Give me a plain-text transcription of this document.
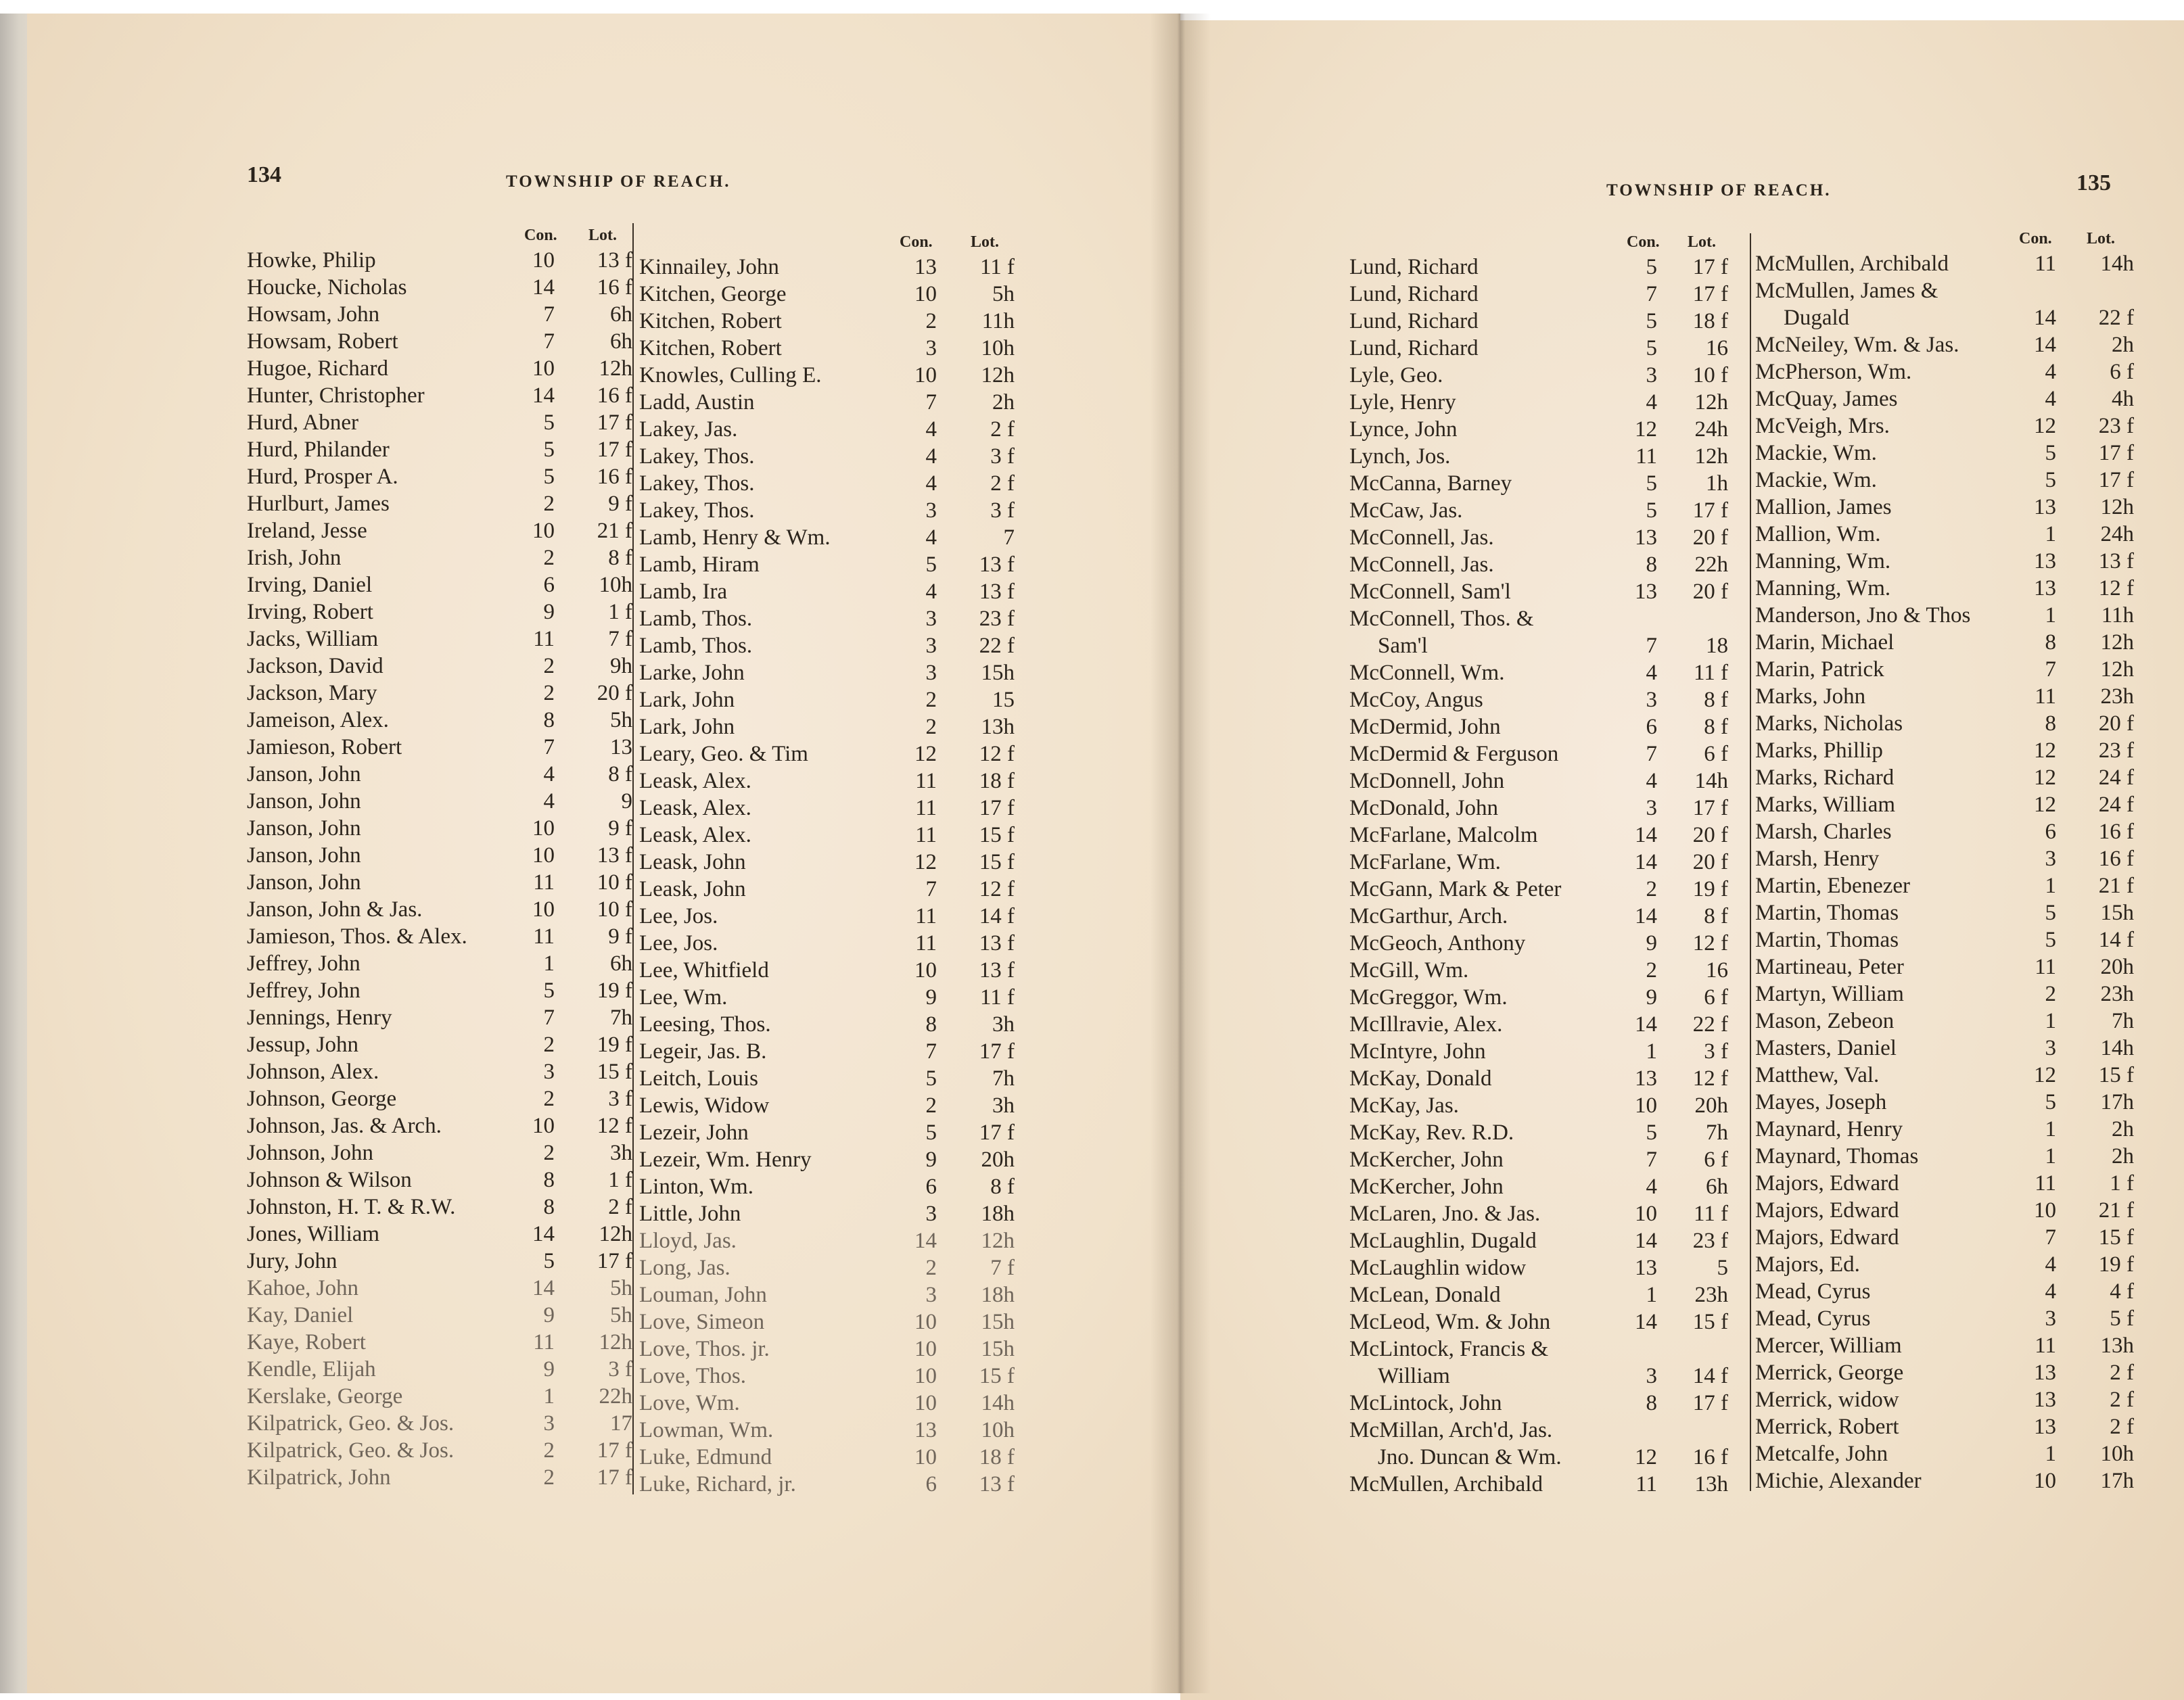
134	TOWNSHIP OF REACH.
Con. Lot.
Howke, Philip	10	13 f
Houcke, Nicholas	14	16 f
Howsam, John	7	6h
Howsam, Robert	7	6h
Hugoe, Richard	10	12h
Hunter, Christopher	14	16 f
Hurd, Abner	5	17 f
Hurd, Philander	5	17 f
Hurd, Prosper A.	5	16 f
Hurlburt, James	2	9 f
Ireland, Jesse	10	21 f
Irish, John	2	8 f
Irving, Daniel	6	10h
Irving, Robert	9	1 f
Jacks, William	11	7 f
Jackson, David	2	9h
Jackson, Mary	2	20 f
Jameison, Alex.	8	5h
Jamieson, Robert	7	13
Janson, John	4	8 f
Janson, John	4	9
Janson, John	10	9 f
Janson, John	10	13 f
Janson, John	11	10 f
Janson, John & Jas.	10	10 f
Jamieson, Thos. & Alex.	11	9 f
Jeffrey, John	1	6h
Jeffrey, John	5	19 f
Jennings, Henry	7	7h
Jessup, John	2	19 f
Johnson, Alex.	3	15 f
Johnson, George	2	3 f
Johnson, Jas. & Arch.	10	12 f
Johnson, John	2	3h
Johnson & Wilson	8	1 f
Johnston, H. T. & R.W.	8	2 f
Jones, William	14	12h
Jury, John	5	17 f
Kahoe, John	14	5h
Kay, Daniel	9	5h
Kaye, Robert	11	12h
Kendle, Elijah	9	3 f
Kerslake, George	1	22h
Kilpatrick, Geo. & Jos.	3	17
Kilpatrick, Geo. & Jos.	2	17 f
Kilpatrick, John	2	17 f
Con. Lot.
Kinnailey, John	13	11 f
Kitchen, George	10	5h
Kitchen, Robert	2	11h
Kitchen, Robert	3	10h
Knowles, Culling E.	10	12h
Ladd, Austin	7	2h
Lakey, Jas.	4	2 f
Lakey, Thos.	4	3 f
Lakey, Thos.	4	2 f
Lakey, Thos.	3	3 f
Lamb, Henry & Wm.	4	7
Lamb, Hiram	5	13 f
Lamb, Ira	4	13 f
Lamb, Thos.	3	23 f
Lamb, Thos.	3	22 f
Larke, John	3	15h
Lark, John	2	15
Lark, John	2	13h
Leary, Geo. & Tim	12	12 f
Leask, Alex.	11	18 f
Leask, Alex.	11	17 f
Leask, Alex.	11	15 f
Leask, John	12	15 f
Leask, John	7	12 f
Lee, Jos.	11	14 f
Lee, Jos.	11	13 f
Lee, Whitfield	10	13 f
Lee, Wm.	9	11 f
Leesing, Thos.	8	3h
Legeir, Jas. B.	7	17 f
Leitch, Louis	5	7h
Lewis, Widow	2	3h
Lezeir, John	5	17 f
Lezeir, Wm. Henry	9	20h
Linton, Wm.	6	8 f
Little, John	3	18h
Lloyd, Jas.	14	12h
Long, Jas.	2	7 f
Louman, John	3	18h
Love, Simeon	10	15h
Love, Thos. jr.	10	15h
Love, Thos.	10	15 f
Love, Wm.	10	14h
Lowman, Wm.	13	10h
Luke, Edmund	10	18 f
Luke, Richard, jr.	6	13 f
TOWNSHIP OF REACH.	135
Con. Lot.
Lund, Richard	5	17 f
Lund, Richard	7	17 f
Lund, Richard	5	18 f
Lund, Richard	5	16
Lyle, Geo.	3	10 f
Lyle, Henry	4	12h
Lynce, John	12	24h
Lynch, Jos.	11	12h
McCanna, Barney	5	1h
McCaw, Jas.	5	17 f
McConnell, Jas.	13	20 f
McConnell, Jas.	8	22h
McConnell, Sam'l	13	20 f
McConnell, Thos. &
Sam'l	7	18
McConnell, Wm.	4	11 f
McCoy, Angus	3	8 f
McDermid, John	6	8 f
McDermid & Ferguson	7	6 f
McDonnell, John	4	14h
McDonald, John	3	17 f
McFarlane, Malcolm	14	20 f
McFarlane, Wm.	14	20 f
McGann, Mark & Peter	2	19 f
McGarthur, Arch.	14	8 f
McGeoch, Anthony	9	12 f
McGill, Wm.	2	16
McGreggor, Wm.	9	6 f
McIllravie, Alex.	14	22 f
McIntyre, John	1	3 f
McKay, Donald	13	12 f
McKay, Jas.	10	20h
McKay, Rev. R.D.	5	7h
McKercher, John	7	6 f
McKercher, John	4	6h
McLaren, Jno. & Jas.	10	11 f
McLaughlin, Dugald	14	23 f
McLaughlin widow	13	5
McLean, Donald	1	23h
McLeod, Wm. & John	14	15 f
McLintock, Francis &
William	3	14 f
McLintock, John	8	17 f
McMillan, Arch'd, Jas.
Jno. Duncan & Wm.	12	16 f
McMullen, Archibald	11	13h
Con. Lot.
McMullen, Archibald	11	14h
McMullen, James &
Dugald	14	22 f
McNeiley, Wm. & Jas.	14	2h
McPherson, Wm.	4	6 f
McQuay, James	4	4h
McVeigh, Mrs.	12	23 f
Mackie, Wm.	5	17 f
Mackie, Wm.	5	17 f
Mallion, James	13	12h
Mallion, Wm.	1	24h
Manning, Wm.	13	13 f
Manning, Wm.	13	12 f
Manderson, Jno & Thos	1	11h
Marin, Michael	8	12h
Marin, Patrick	7	12h
Marks, John	11	23h
Marks, Nicholas	8	20 f
Marks, Phillip	12	23 f
Marks, Richard	12	24 f
Marks, William	12	24 f
Marsh, Charles	6	16 f
Marsh, Henry	3	16 f
Martin, Ebenezer	1	21 f
Martin, Thomas	5	15h
Martin, Thomas	5	14 f
Martineau, Peter	11	20h
Martyn, William	2	23h
Mason, Zebeon	1	7h
Masters, Daniel	3	14h
Matthew, Val.	12	15 f
Mayes, Joseph	5	17h
Maynard, Henry	1	2h
Maynard, Thomas	1	2h
Majors, Edward	11	1 f
Majors, Edward	10	21 f
Majors, Edward	7	15 f
Majors, Ed.	4	19 f
Mead, Cyrus	4	4 f
Mead, Cyrus	3	5 f
Mercer, William	11	13h
Merrick, George	13	2 f
Merrick, widow	13	2 f
Merrick, Robert	13	2 f
Metcalfe, John	1	10h
Michie, Alexander	10	17h
